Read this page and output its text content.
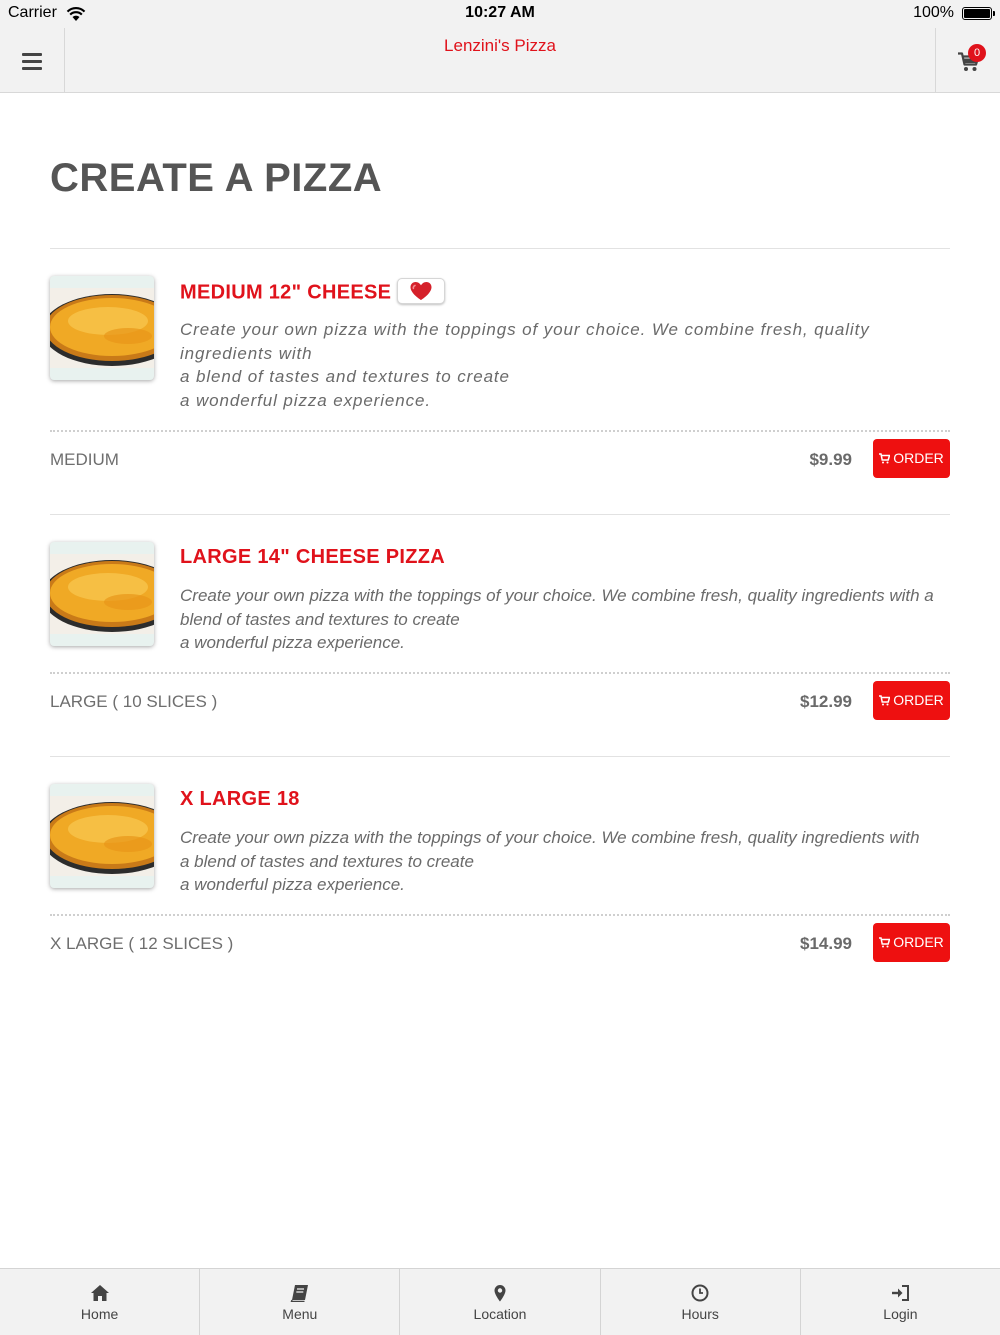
Carrier	10:27 AM	100%
Lenzini's Pizza	0
CREATE A PIZZA
MEDIUM 12" CHEESE

Create your own pizza with the toppings of your choice. We combine fresh, quality
ingredients with
a blend of tastes and textures to create
a wonderful pizza experience.

MEDIUM	$9.99	ORDER
LARGE 14" CHEESE PIZZA

Create your own pizza with the toppings of your choice. We combine fresh, quality ingredients with a
blend of tastes and textures to create
a wonderful pizza experience.

LARGE ( 10 SLICES )	$12.99	ORDER
X LARGE 18

Create your own pizza with the toppings of your choice. We combine fresh, quality ingredients with
a blend of tastes and textures to create
a wonderful pizza experience.

X LARGE ( 12 SLICES )	$14.99	ORDER
Home	Menu	Location	Hours	Login
